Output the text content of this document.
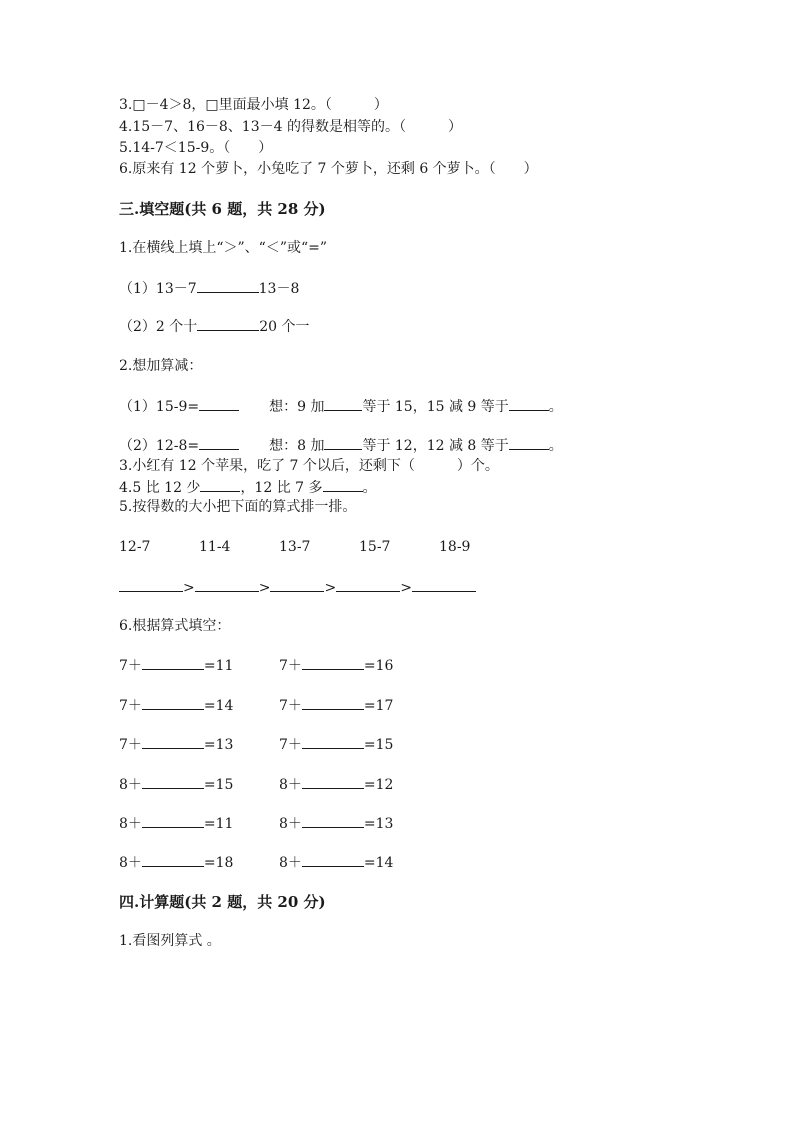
3.□－4＞8，□里面最小填 12。（　　　）
4.15－7、16－8、13－4 的得数是相等的。（　　　）
5.14-7＜15-9。（　　）
6.原来有 12 个萝卜，小兔吃了 7 个萝卜，还剩 6 个萝卜。（　　）
三.填空题(共 6 题，共 28 分)
1.在横线上填上“＞”、“＜”或“=”
（1）13－7	13－8
（2）2 个十	20 个一
2.想加算减：
（1）15-9=	想：9 加	等于 15，15 减 9 等于	。
（2）12-8=	想：8 加	等于 12，12 减 8 等于	。
3.小红有 12 个苹果，吃了 7 个以后，还剩下（　　　）个。
4.5 比 12 少	，12 比 7 多	。
5.按得数的大小把下面的算式排一排。
12-7	11-4	13-7	15-7	18-9
>	>	>	>
6.根据算式填空：
7＋	=11	7＋	=16
7＋	=14	7＋	=17
7＋	=13	7＋	=15
8＋	=15	8＋	=12
8＋	=11	8＋	=13
8＋	=18	8＋	=14
四.计算题(共 2 题，共 20 分)
1.看图列算式 。
